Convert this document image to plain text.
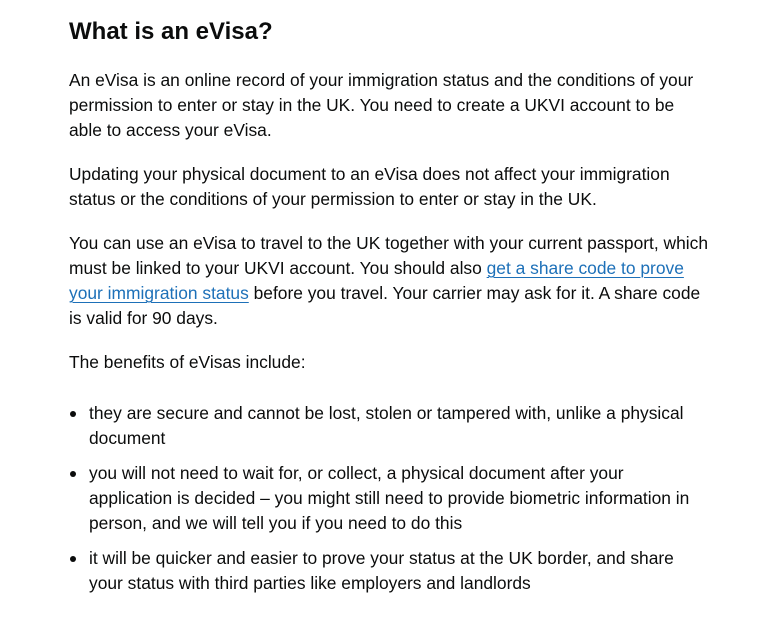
What is an eVisa?

An eVisa is an online record of your immigration status and the conditions of your permission to enter or stay in the UK. You need to create a UKVI account to be able to access your eVisa.

Updating your physical document to an eVisa does not affect your immigration status or the conditions of your permission to enter or stay in the UK.

You can use an eVisa to travel to the UK together with your current passport, which must be linked to your UKVI account. You should also get a share code to prove your immigration status before you travel. Your carrier may ask for it. A share code is valid for 90 days.

The benefits of eVisas include:

they are secure and cannot be lost, stolen or tampered with, unlike a physical document
you will not need to wait for, or collect, a physical document after your application is decided – you might still need to provide biometric information in person, and we will tell you if you need to do this
it will be quicker and easier to prove your status at the UK border, and share your status with third parties like employers and landlords
